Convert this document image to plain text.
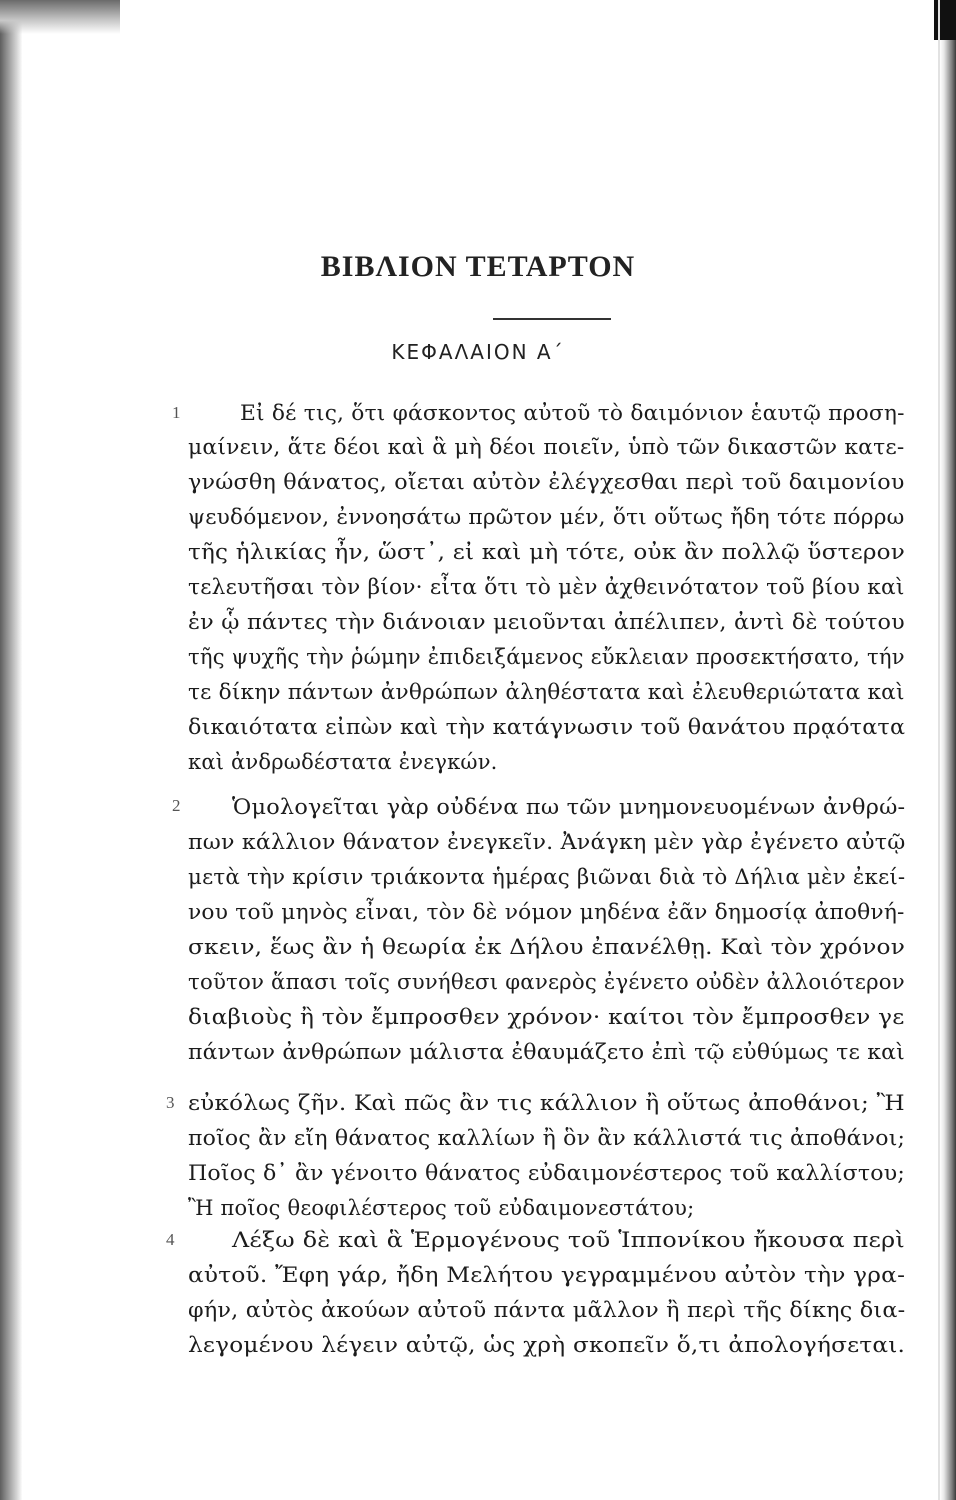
ΒΙΒΛΙΟΝ ΤΕΤΑΡΤΟΝ
ΚΕΦΑΛΑΙΟΝ Α΄
1
2
3
4
Εἰ δέ τις, ὅτι φάσκοντος αὐτοῦ τὸ δαιμόνιον ἑαυτῷ προση-
μαίνειν, ἅτε δέοι καὶ ἃ μὴ δέοι ποιεῖν, ὑπὸ τῶν δικαστῶν κατε-
γνώσθη θάνατος, οἴεται αὐτὸν ἐλέγχεσθαι περὶ τοῦ δαιμονίου
ψευδόμενον, ἐννοησάτω πρῶτον μέν, ὅτι οὕτως ἤδη τότε πόρρω
τῆς ἡλικίας ἦν, ὥστ᾽, εἰ καὶ μὴ τότε, οὐκ ἂν πολλῷ ὕστερον
τελευτῆσαι τὸν βίον· εἶτα ὅτι τὸ μὲν ἀχθεινότατον τοῦ βίου καὶ
ἐν ᾧ πάντες τὴν διάνοιαν μειοῦνται ἀπέλιπεν, ἀντὶ δὲ τούτου
τῆς ψυχῆς τὴν ῥώμην ἐπιδειξάμενος εὔκλειαν προσεκτήσατο, τήν
τε δίκην πάντων ἀνθρώπων ἀληθέστατα καὶ ἐλευθεριώτατα καὶ
δικαιότατα εἰπὼν καὶ τὴν κατάγνωσιν τοῦ θανάτου πρᾳότατα
καὶ ἀνδρωδέστατα ἐνεγκών.
Ὁμολογεῖται γὰρ οὐδένα πω τῶν μνημονευομένων ἀνθρώ-
πων κάλλιον θάνατον ἐνεγκεῖν. Ἀνάγκη μὲν γὰρ ἐγένετο αὐτῷ
μετὰ τὴν κρίσιν τριάκοντα ἡμέρας βιῶναι διὰ τὸ Δήλια μὲν ἐκεί-
νου τοῦ μηνὸς εἶναι, τὸν δὲ νόμον μηδένα ἐᾶν δημοσίᾳ ἀποθνή-
σκειν, ἕως ἂν ἡ θεωρία ἐκ Δήλου ἐπανέλθῃ. Καὶ τὸν χρόνον
τοῦτον ἅπασι τοῖς συνήθεσι φανερὸς ἐγένετο οὐδὲν ἀλλοιότερον
διαβιοὺς ἢ τὸν ἔμπροσθεν χρόνον· καίτοι τὸν ἔμπροσθεν γε
πάντων ἀνθρώπων μάλιστα ἐθαυμάζετο ἐπὶ τῷ εὐθύμως τε καὶ
εὐκόλως ζῆν. Καὶ πῶς ἂν τις κάλλιον ἢ οὕτως ἀποθάνοι; Ἢ
ποῖος ἂν εἴη θάνατος καλλίων ἢ ὃν ἂν κάλλιστά τις ἀποθάνοι;
Ποῖος δ᾽ ἂν γένοιτο θάνατος εὐδαιμονέστερος τοῦ καλλίστου;
Ἢ ποῖος θεοφιλέστερος τοῦ εὐδαιμονεστάτου;
Λέξω δὲ καὶ ἃ Ἑρμογένους τοῦ Ἱππονίκου ἤκουσα περὶ
αὐτοῦ. Ἔφη γάρ, ἤδη Μελήτου γεγραμμένου αὐτὸν τὴν γρα-
φήν, αὐτὸς ἀκούων αὐτοῦ πάντα μᾶλλον ἢ περὶ τῆς δίκης δια-
λεγομένου λέγειν αὐτῷ, ὡς χρὴ σκοπεῖν ὅ,τι ἀπολογήσεται.
